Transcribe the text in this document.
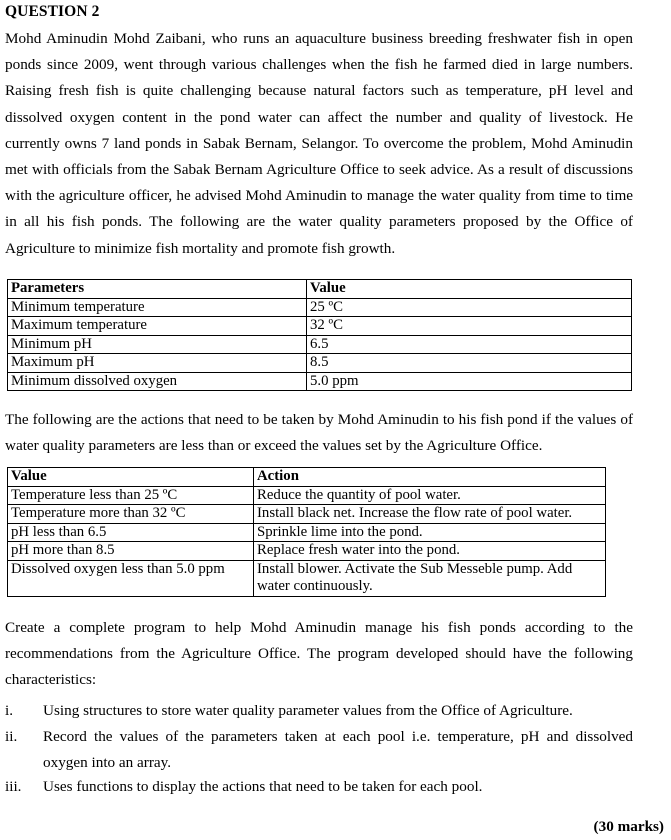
QUESTION 2

Mohd Aminudin Mohd Zaibani, who runs an aquaculture business breeding freshwater fish in open ponds since 2009, went through various challenges when the fish he farmed died in large numbers. Raising fresh fish is quite challenging because natural factors such as temperature, pH level and dissolved oxygen content in the pond water can affect the number and quality of livestock. He currently owns 7 land ponds in Sabak Bernam, Selangor. To overcome the problem, Mohd Aminudin met with officials from the Sabak Bernam Agriculture Office to seek advice. As a result of discussions with the agriculture officer, he advised Mohd Aminudin to manage the water quality from time to time in all his fish ponds. The following are the water quality parameters proposed by the Office of Agriculture to minimize fish mortality and promote fish growth.

Parameters	Value
Minimum temperature	25 ºC
Maximum temperature	32 ºC
Minimum pH	6.5
Maximum pH	8.5
Minimum dissolved oxygen	5.0 ppm

The following are the actions that need to be taken by Mohd Aminudin to his fish pond if the values of water quality parameters are less than or exceed the values set by the Agriculture Office.

Value	Action
Temperature less than 25 ºC	Reduce the quantity of pool water.
Temperature more than 32 ºC	Install black net. Increase the flow rate of pool water.
pH less than 6.5	Sprinkle lime into the pond.
pH more than 8.5	Replace fresh water into the pond.
Dissolved oxygen less than 5.0 ppm	Install blower. Activate the Sub Messeble pump. Add water continuously.

Create a complete program to help Mohd Aminudin manage his fish ponds according to the recommendations from the Agriculture Office. The program developed should have the following characteristics:

i. Using structures to store water quality parameter values from the Office of Agriculture.
ii. Record the values of the parameters taken at each pool i.e. temperature, pH and dissolved oxygen into an array.
iii. Uses functions to display the actions that need to be taken for each pool.
(30 marks)
